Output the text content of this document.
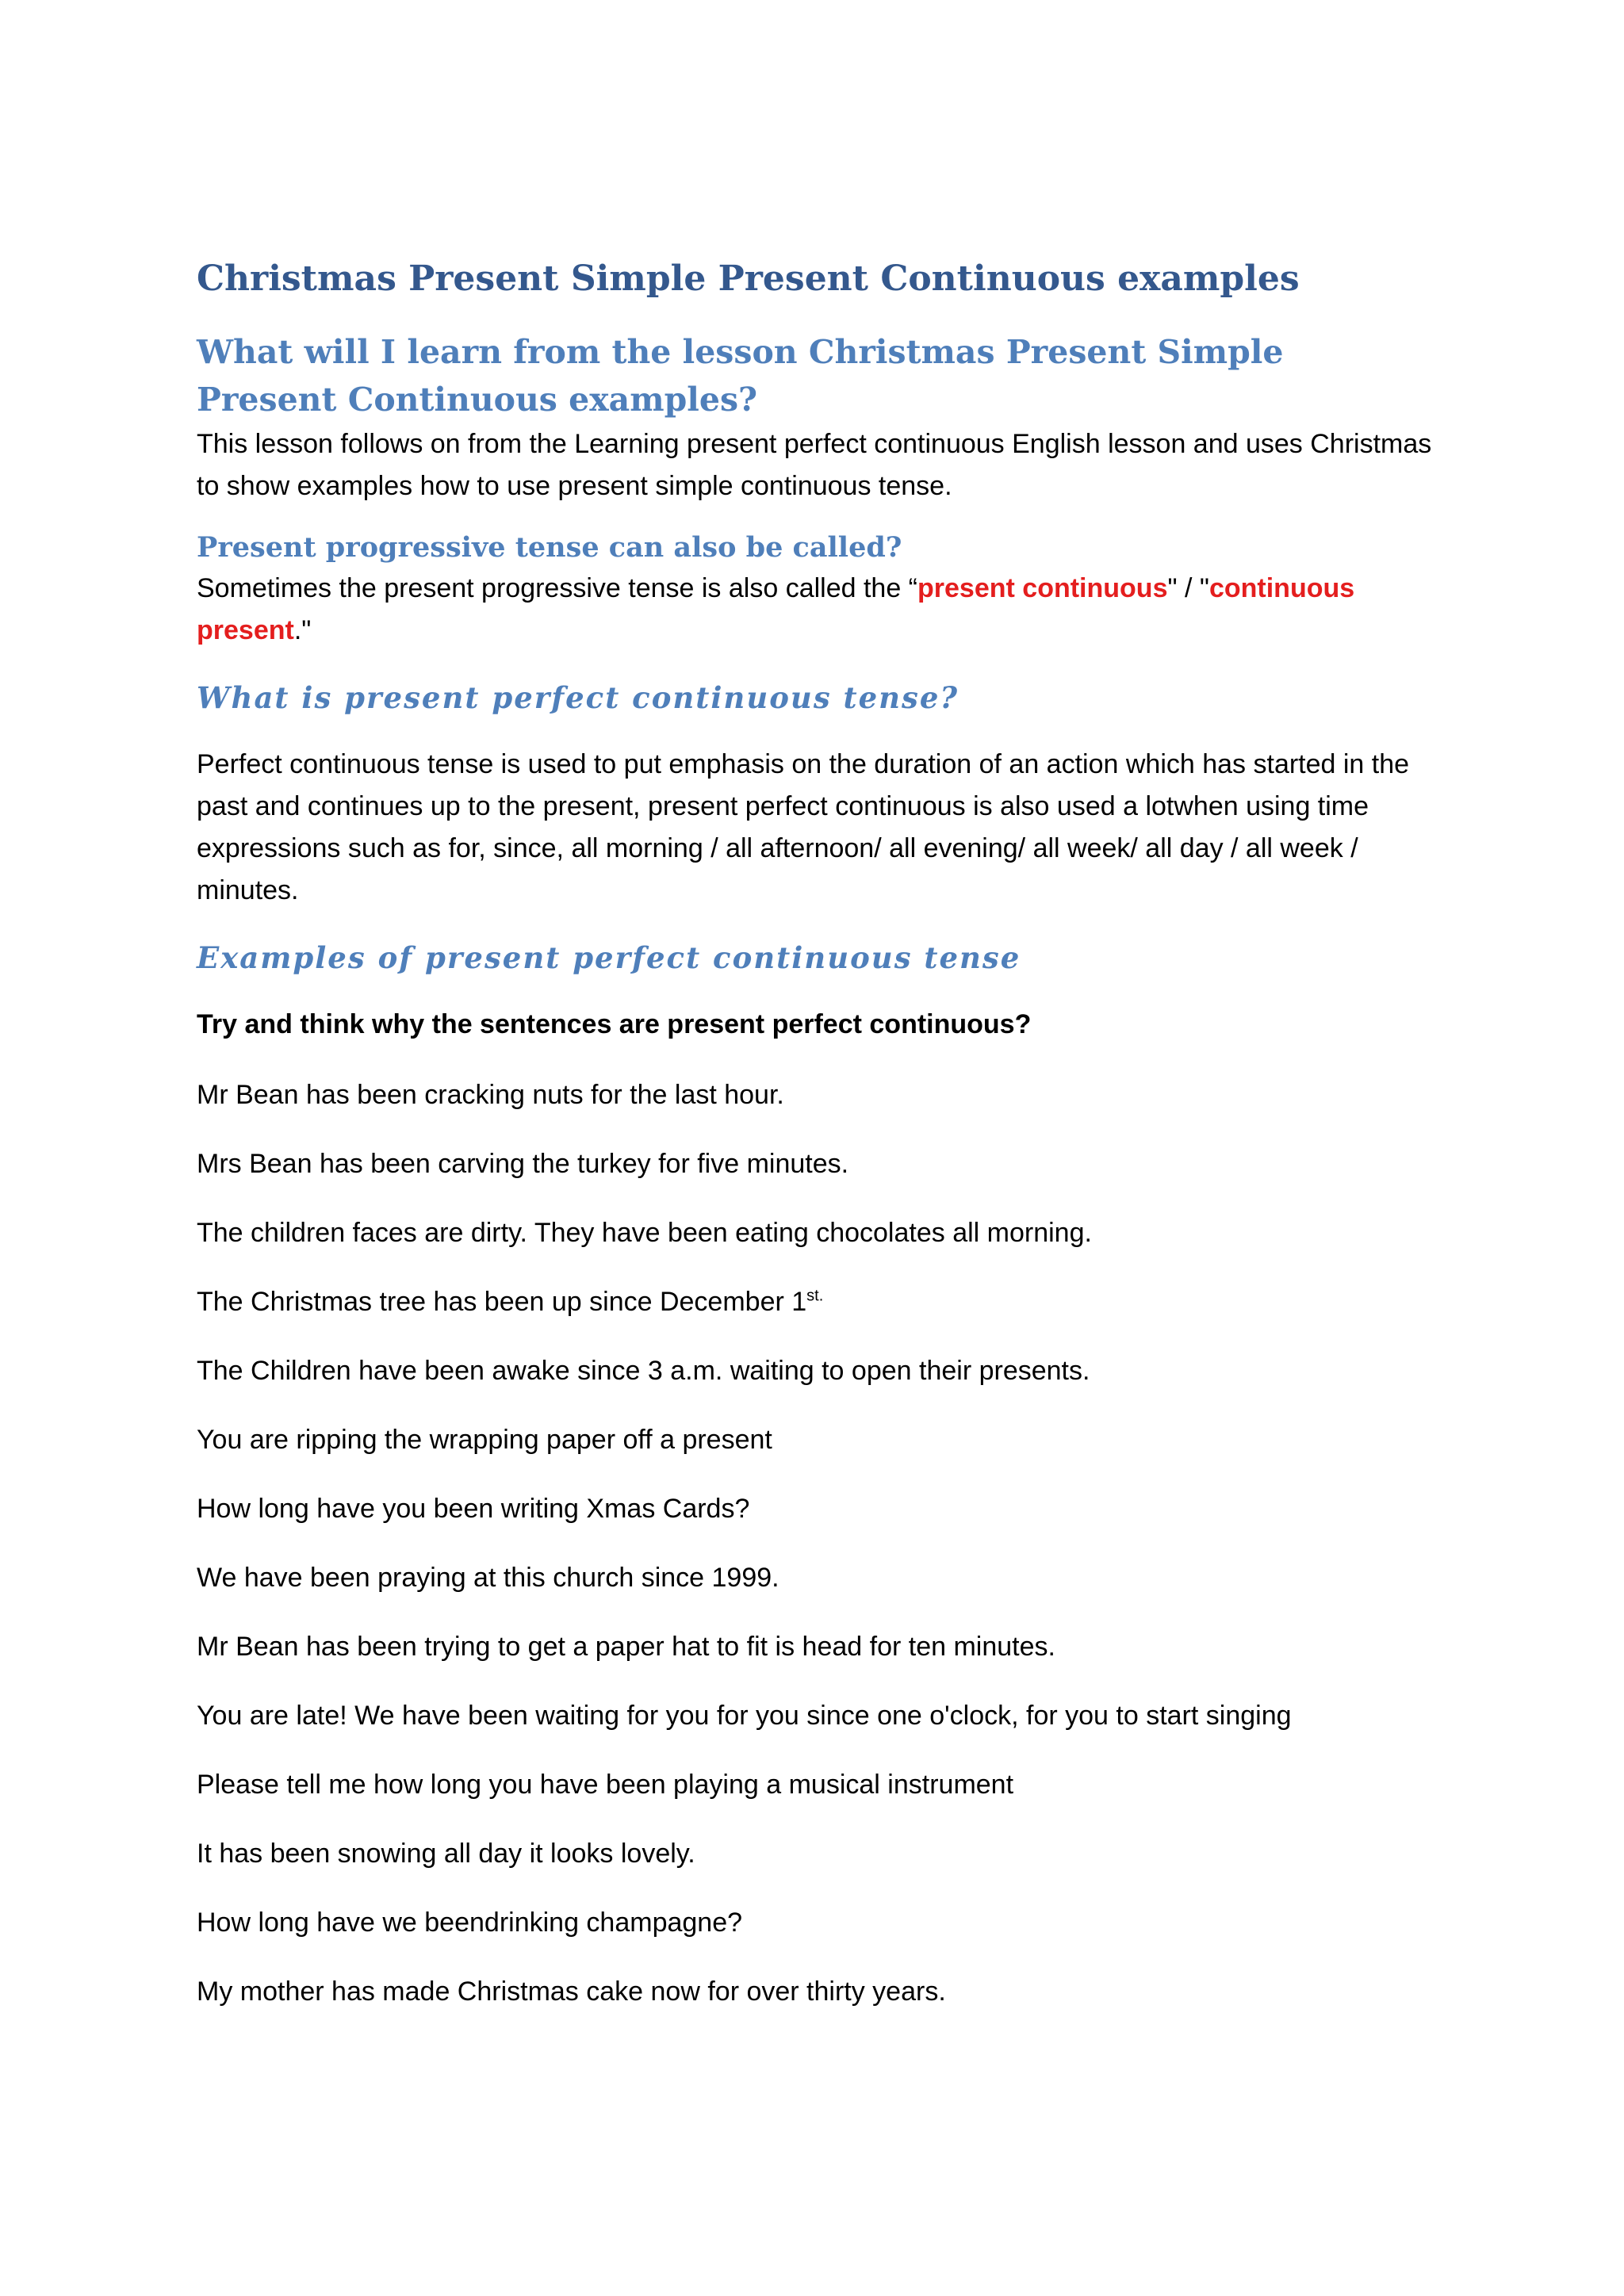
Christmas Present Simple Present Continuous examples
What will I learn from the lesson Christmas Present Simple Present Continuous examples?

This lesson follows on from the Learning present perfect continuous English lesson and uses Christmas to show examples how to use present simple continuous tense.

Present progressive tense can also be called?

Sometimes the present progressive tense is also called the “present continuous" / "continuous present."

What is present perfect continuous tense?

Perfect continuous tense is used to put emphasis on the duration of an action which has started in the past and continues up to the present, present perfect continuous is also used a lotwhen using time expressions such as for, since, all morning / all afternoon/ all evening/ all week/ all day / all week / minutes.

Examples of present perfect continuous tense

Try and think why the sentences are present perfect continuous?

Mr Bean has been cracking nuts for the last hour.

Mrs Bean has been carving the turkey for five minutes.

The children faces are dirty. They have been eating chocolates all morning.

The Christmas tree has been up since December $1^{st.}$

The Children have been awake since 3 a.m. waiting to open their presents.

You are ripping the wrapping paper off a present

How long have you been writing Xmas Cards?

We have been praying at this church since 1999.

Mr Bean has been trying to get a paper hat to fit is head for ten minutes.

You are late! We have been waiting for you for you since one o'clock, for you to start singing

Please tell me how long you have been playing a musical instrument

It has been snowing all day it looks lovely.

How long have we beendrinking champagne?

My mother has made Christmas cake now for over thirty years.
